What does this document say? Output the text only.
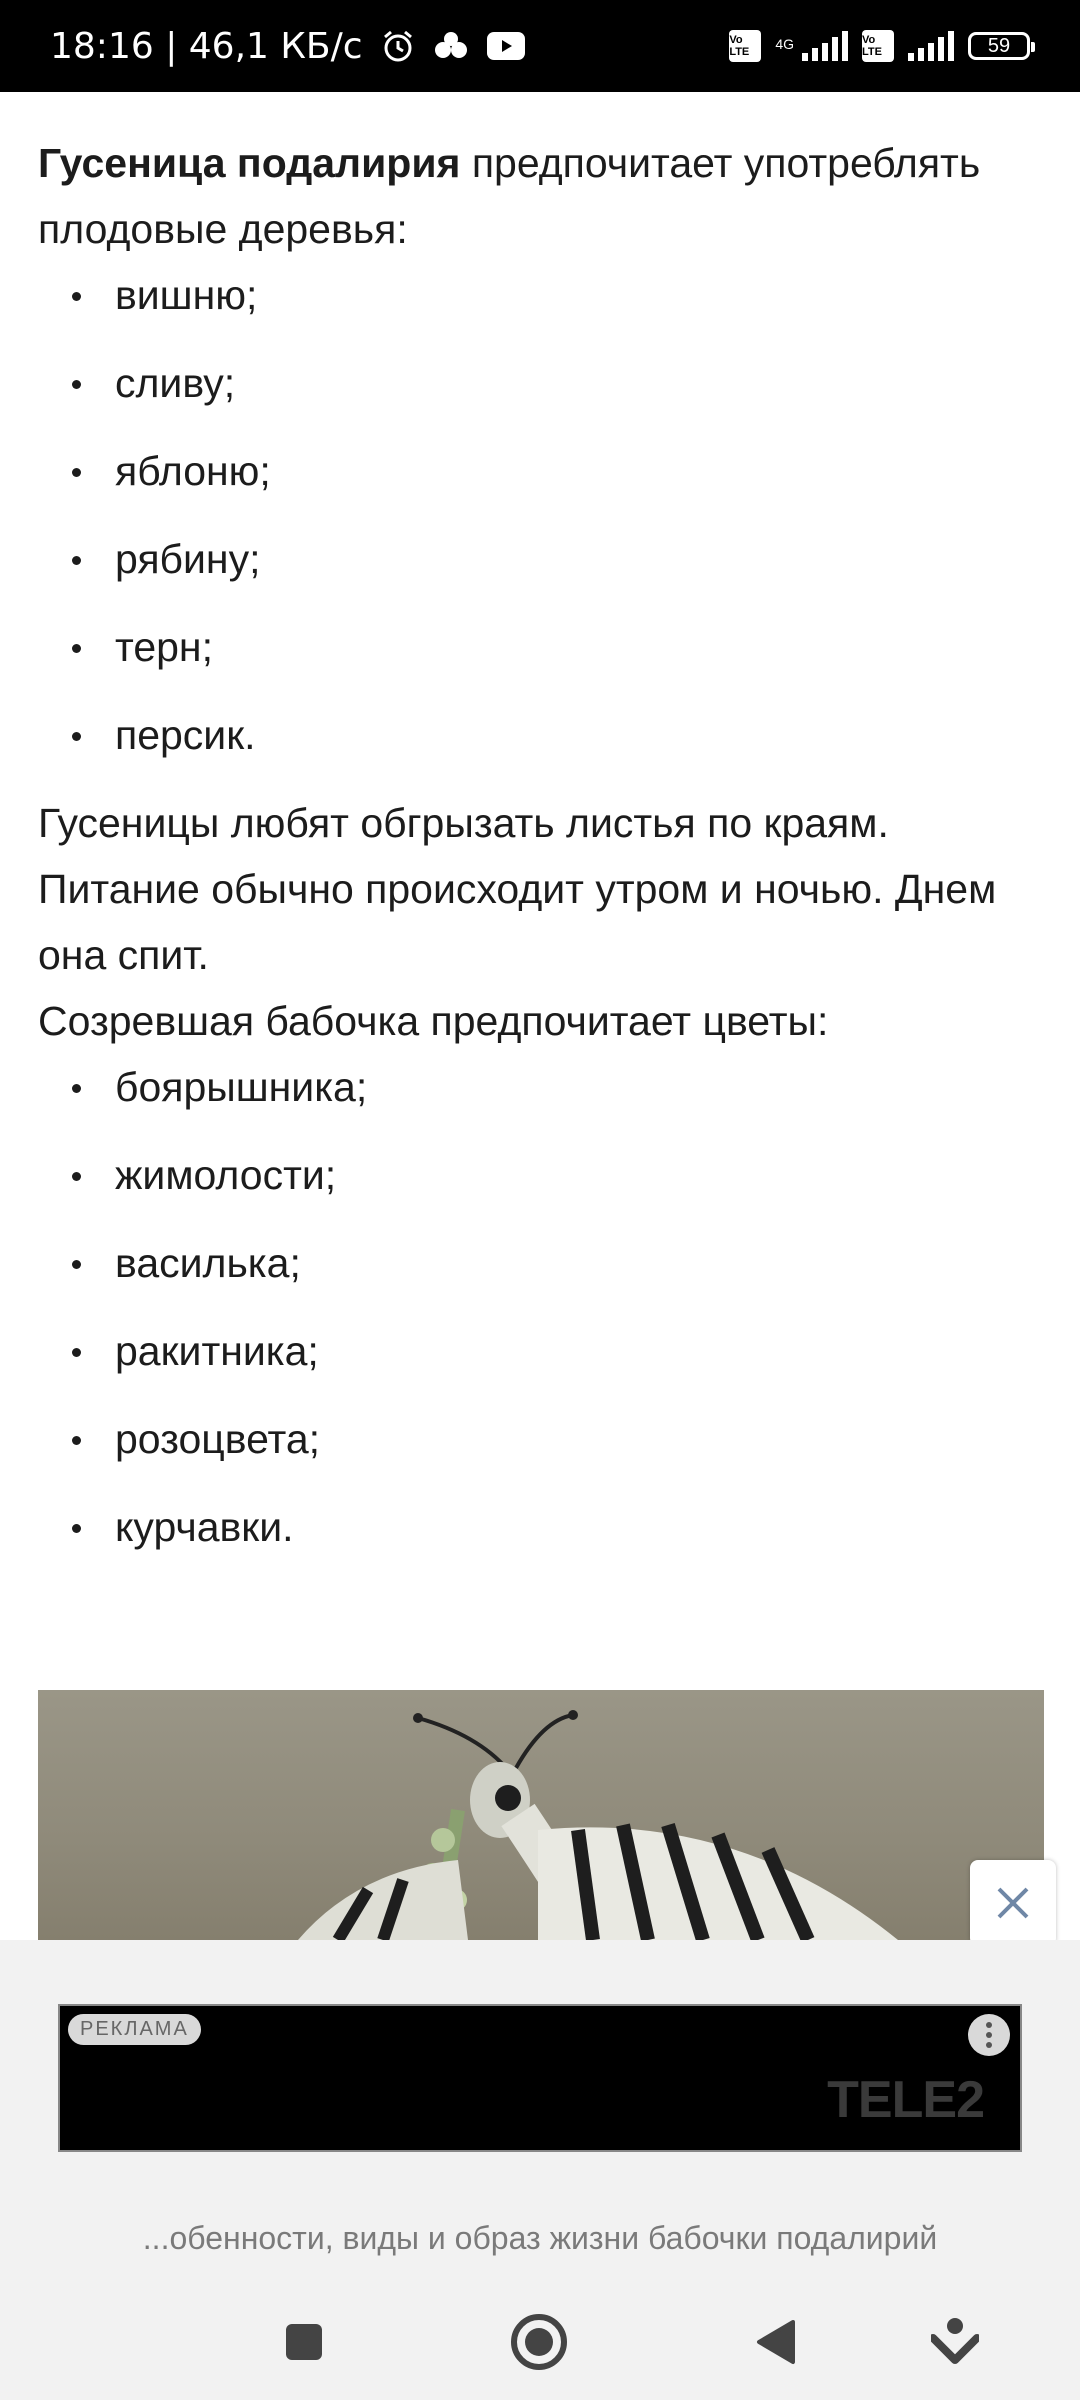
18:16 | 46,1 КБ/с	Vo LTE	4G	Vo LTE	59

Гусеница подалирия предпочитает употреблять плодовые деревья:

вишню;
сливу;
яблоню;
рябину;
терн;
персик.

Гусеницы любят обгрызать листья по краям. Питание обычно происходит утром и ночью. Днем она спит.

Созревшая бабочка предпочитает цветы:

боярышника;
жимолости;
василька;
ракитника;
розоцвета;
курчавки.
РЕКЛАМА
TELE2
...обенности, виды и образ жизни бабочки подалирий
